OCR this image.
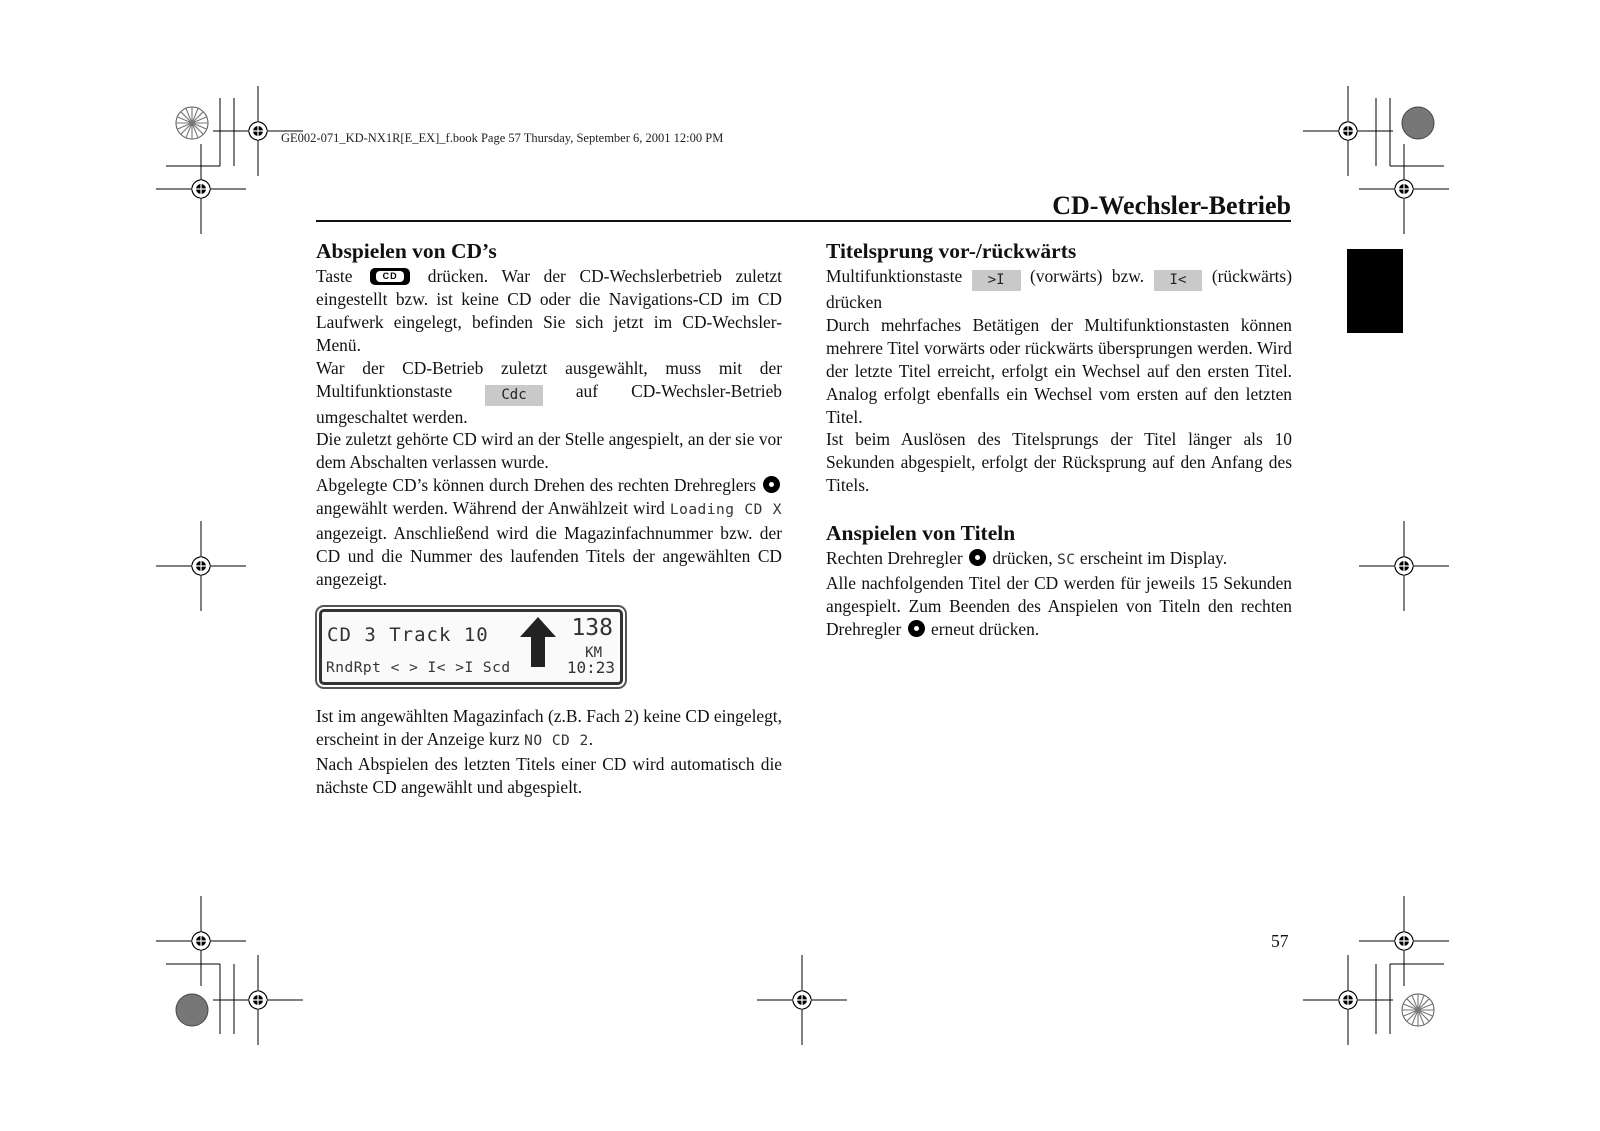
GE002-071_KD-NX1R[E_EX]_f.book Page 57 Thursday, September 6, 2001 12:00 PM
CD-Wechsler-Betrieb
Abspielen von CD’s

Taste	CD	drücken. War der CD-Wechslerbetrieb zuletzt eingestellt bzw. ist keine CD oder die Navigations-CD im CD Laufwerk eingelegt, befinden Sie sich jetzt im CD-Wechsler-Menü.

War der CD-Betrieb zuletzt ausgewählt, muss mit der Multifunktionstaste	Cdc	auf CD-Wechsler-Betrieb umgeschaltet werden.

Die zuletzt gehörte CD wird an der Stelle angespielt, an der sie vor dem Abschalten verlassen wurde.

Abgelegte CD’s können durch Drehen des rechten Drehreglers  angewählt werden. Während der Anwählzeit wird Loading CD X angezeigt. Anschließend wird die Magazinfachnummer bzw. der CD und die Nummer des laufenden Titels der angewählten CD angezeigt.

CD 3 Track 10
RndRpt < > I< >I Scd
138
KM
10:23

Ist im angewählten Magazinfach (z.B. Fach 2) keine CD eingelegt, erscheint in der Anzeige kurz NO CD 2.

Nach Abspielen des letzten Titels einer CD wird automatisch die nächste CD angewählt und abgespielt.

Titelsprung vor-/rückwärts

Multifunktionstaste >I (vorwärts) bzw. I< (rückwärts) drücken

Durch mehrfaches Betätigen der Multifunktionstasten können mehrere Titel vorwärts oder rückwärts übersprungen werden. Wird der letzte Titel erreicht, erfolgt ein Wechsel auf den ersten Titel. Analog erfolgt ebenfalls ein Wechsel vom ersten auf den letzten Titel.

Ist beim Auslösen des Titelsprungs der Titel länger als 10 Sekunden abgespielt, erfolgt der Rücksprung auf den Anfang des Titels.

Anspielen von Titeln

Rechten Drehregler drücken, SC erscheint im Display.

Alle nachfolgenden Titel der CD werden für jeweils 15 Sekunden angespielt. Zum Beenden des Anspielen von Titeln den rechten Drehregler erneut drücken.

57
